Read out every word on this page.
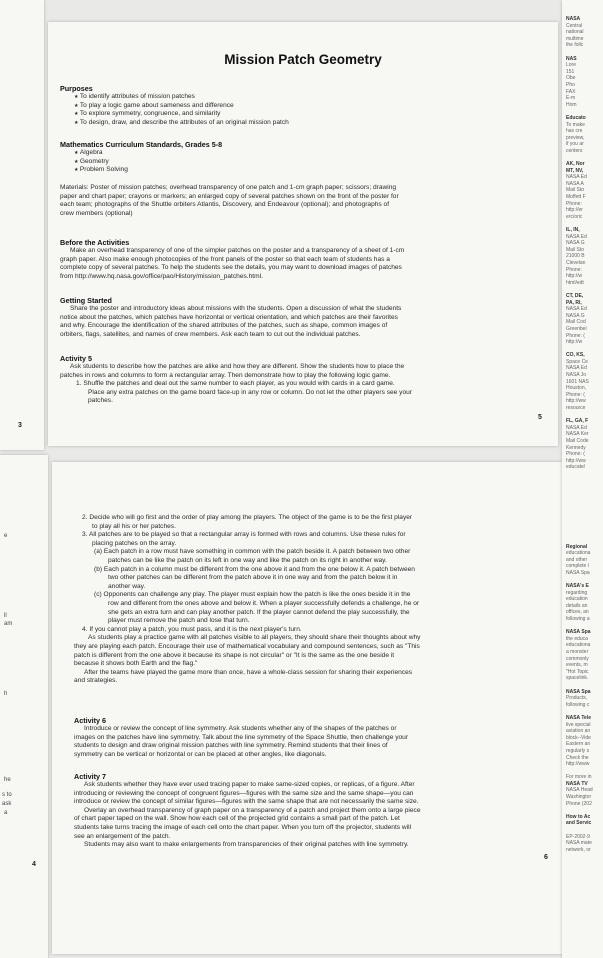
3
e
ll
am
h
he
s to
ask
a
4
Mission Patch Geometry
Purposes
★ To identify attributes of mission patches
★ To play a logic game about sameness and difference
★ To explore symmetry, congruence, and similarity
★ To design, draw, and describe the attributes of an original mission patch
Mathematics Curriculum Standards, Grades 5-8
★ Algebra
★ Geometry
★ Problem Solving
Materials: Poster of mission patches; overhead transparency of one patch and 1-cm graph paper; scissors; drawing
paper and chart paper; crayons or markers; an enlarged copy of several patches shown on the front of the poster for
each team; photographs of the Shuttle orbiters Atlantis, Discovery, and Endeavour (optional); and photographs of
crew members (optional)
Before the Activities
Make an overhead transparency of one of the simpler patches on the poster and a transparency of a sheet of 1-cm
graph paper. Also make enough photocopies of the front panels of the poster so that each team of students has a
complete copy of several patches. To help the students see the details, you may want to download images of patches
from http://www.hq.nasa.gov/office/pao/History/mission_patches.html.
Getting Started
Share the poster and introductory ideas about missions with the students. Open a discussion of what the students
notice about the patches, which patches have horizontal or vertical orientation, and which patches are their favorites
and why. Encourage the identification of the shared attributes of the patches, such as shape, common images of
orbiters, flags, satellites, and names of crew members. Ask each team to cut out the individual patches.
Activity 5
Ask students to describe how the patches are alike and how they are different. Show the students how to place the
patches in rows and columns to form a rectangular array. Then demonstrate how to play the following logic game.
1. Shuffle the patches and deal out the same number to each player, as you would with cards in a card game.
Place any extra patches on the game board face-up in any row or column. Do not let the other players see your
patches.
5
2. Decide who will go first and the order of play among the players. The object of the game is to be the first player
to play all his or her patches.
3. All patches are to be played so that a rectangular array is formed with rows and columns. Use these rules for
placing patches on the array.
(a) Each patch in a row must have something in common with the patch beside it. A patch between two other
patches can be like the patch on its left in one way and like the patch on its right in another way.
(b) Each patch in a column must be different from the one above it and from the one below it. A patch between
two other patches can be different from the patch above it in one way and from the patch below it in
another way.
(c) Opponents can challenge any play. The player must explain how the patch is like the ones beside it in the
row and different from the ones above and below it. When a player successfully defends a challenge, he or
she gets an extra turn and can play another patch. If the player cannot defend the play successfully, the
player must remove the patch and lose that turn.
4. If you cannot play a patch, you must pass, and it is the next player's turn.
As students play a practice game with all patches visible to all players, they should share their thoughts about why
they are playing each patch. Encourage their use of mathematical vocabulary and compound sentences, such as "This
patch is different from the one above it because its shape is not circular" or "It is the same as the one beside it
because it shows both Earth and the flag."
After the teams have played the game more than once, have a whole-class session for sharing their experiences
and strategies.
Activity 6
Introduce or review the concept of line symmetry. Ask students whether any of the shapes of the patches or
images on the patches have line symmetry. Talk about the line symmetry of the Space Shuttle, then challenge your
students to design and draw original mission patches with line symmetry. Remind students that their lines of
symmetry can be vertical or horizontal or can be placed at other angles, like diagonals.
Activity 7
Ask students whether they have ever used tracing paper to make same-sized copies, or replicas, of a figure. After
introducing or reviewing the concept of congruent figures—figures with the same size and the same shape—you can
introduce or review the concept of similar figures—figures with the same shape that are not necessarily the same size.
Overlay an overhead transparency of graph paper on a transparency of a patch and project them onto a large piece
of chart paper taped on the wall. Show how each cell of the projected grid contains a small part of the patch. Let
students take turns tracing the image of each cell onto the chart paper. When you turn off the projector, students will
see an enlargement of the patch.
Students may also want to make enlargements from transparencies of their original patches with line symmetry.
6
NASA
Central
national
multime
the follc

NAS
Lore
151
Obe
Pho
FAX
E-m
Hom

Educato
To make
has cre
preview,
if you ar
centers

AK, Nor
MT, NV,
NASA Ed
NASA A
Mail Sto
Moffett F
Phone:
http://er
erc/oric

IL, IN,
NASA Ed
NASA G
Mail Sto
21000 B
Clevelan
Phone:
http://w
html/edt

CT, DE,
PA, RI,
NASA Ed
NASA G
Mail Cod
Greenbel
Phone: (
http://w

CO, KS,
Space Ce
NASA Ed
NASA Jo
1601 NAS
Houston,
Phone: (
http://ww
resource

FL, GA, F
NASA Ed
NASA Ker
Mail Code
Kennedy
Phone: (
http://ww
educate/

Regional
educationa
and other
complete l
NASA Spa

NASA's E
regarding
education
details an
offices, an
following a

NASA Spa
the educa
educationa
a monster
commonly
events, m
"Hot Topic
spacelink.

NASA Spa
Products,
following c

NASA Tele
live special
aviation an
block--Vide
Eastern an
regularly s
Check the
http://www

For more in
NASA TV
NASA Head
Washingtor
Phone (202

How to Ac
and Servic

EP-2002-9
NASA mate
network, or
